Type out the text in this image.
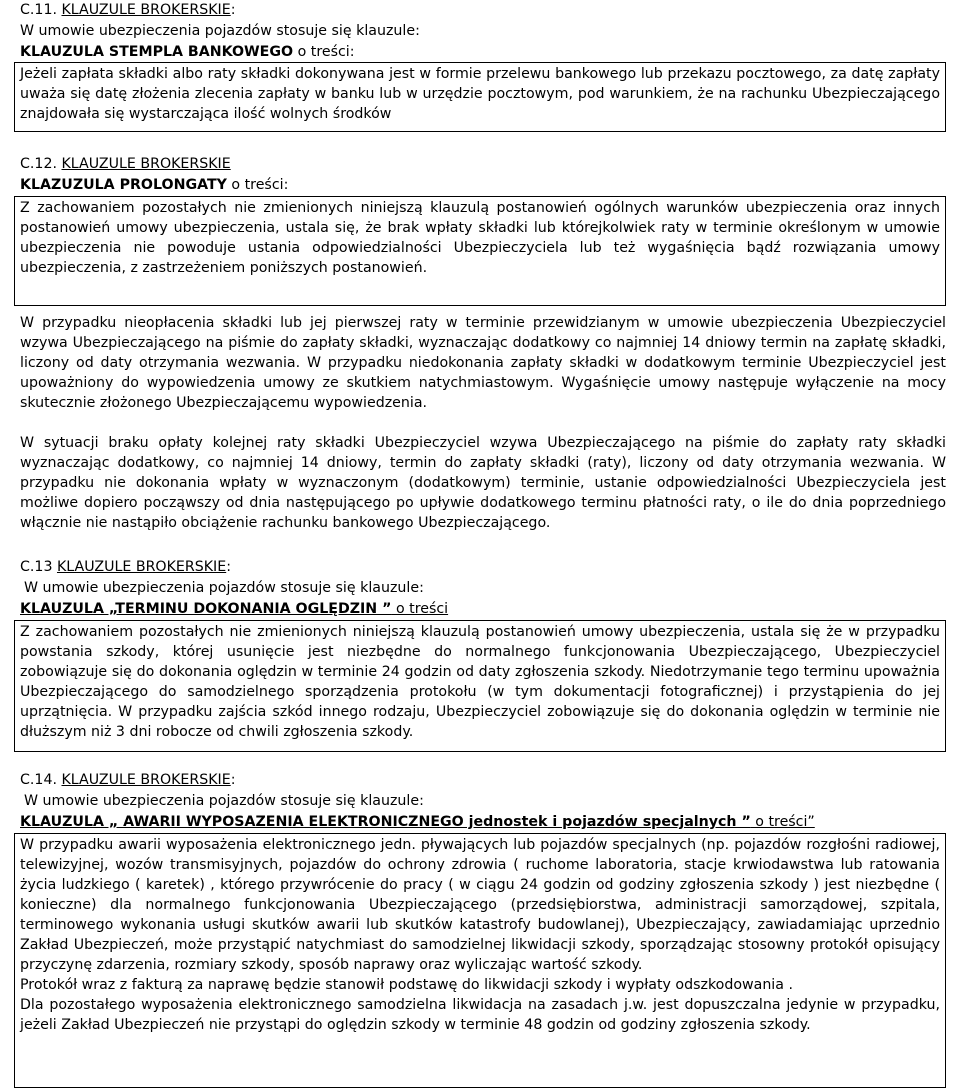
C.11. KLAUZULE BROKERSKIE:
W umowie ubezpieczenia pojazdów stosuje się klauzule:
KLAUZULA STEMPLA BANKOWEGO o treści:

Jeżeli zapłata składki albo raty składki dokonywana jest w formie przelewu bankowego lub przekazu pocztowego, za datę zapłaty uważa się datę złożenia zlecenia zapłaty w banku lub w urzędzie pocztowym, pod warunkiem, że na rachunku Ubezpieczającego znajdowała się wystarczająca ilość wolnych środków

C.12. KLAUZULE BROKERSKIE
KLAZUZULA PROLONGATY o treści:

Z zachowaniem pozostałych nie zmienionych niniejszą klauzulą postanowień ogólnych warunków ubezpieczenia oraz innych postanowień umowy ubezpieczenia, ustala się, że brak wpłaty składki lub którejkolwiek raty w terminie określonym w umowie ubezpieczenia nie powoduje ustania odpowiedzialności Ubezpieczyciela lub też wygaśnięcia bądź rozwiązania umowy ubezpieczenia, z zastrzeżeniem poniższych postanowień.

W przypadku nieopłacenia składki lub jej pierwszej raty w terminie przewidzianym w umowie ubezpieczenia Ubezpieczyciel wzywa Ubezpieczającego na piśmie do zapłaty składki, wyznaczając dodatkowy co najmniej 14 dniowy termin na zapłatę składki, liczony od daty otrzymania wezwania. W przypadku niedokonania zapłaty składki w dodatkowym terminie Ubezpieczyciel jest upoważniony do wypowiedzenia umowy ze skutkiem natychmiastowym. Wygaśnięcie umowy następuje wyłączenie na mocy skutecznie złożonego Ubezpieczającemu wypowiedzenia.

W sytuacji braku opłaty kolejnej raty składki Ubezpieczyciel wzywa Ubezpieczającego na piśmie do zapłaty raty składki wyznaczając dodatkowy, co najmniej 14 dniowy, termin do zapłaty składki (raty), liczony od daty otrzymania wezwania. W przypadku nie dokonania wpłaty w wyznaczonym (dodatkowym) terminie, ustanie odpowiedzialności Ubezpieczyciela jest możliwe dopiero począwszy od dnia następującego po upływie dodatkowego terminu płatności raty, o ile do dnia poprzedniego włącznie nie nastąpiło obciążenie rachunku bankowego Ubezpieczającego.

C.13 KLAUZULE BROKERSKIE:
W umowie ubezpieczenia pojazdów stosuje się klauzule:
KLAUZULA „TERMINU DOKONANIA OGLĘDZIN ” o treści

Z zachowaniem pozostałych nie zmienionych niniejszą klauzulą postanowień umowy ubezpieczenia, ustala się że w przypadku powstania szkody, której usunięcie jest niezbędne do normalnego funkcjonowania Ubezpieczającego, Ubezpieczyciel zobowiązuje się do dokonania oględzin w terminie 24 godzin od daty zgłoszenia szkody. Niedotrzymanie tego terminu upoważnia Ubezpieczającego do samodzielnego sporządzenia protokołu (w tym dokumentacji fotograficznej) i przystąpienia do jej uprzątnięcia. W przypadku zajścia szkód innego rodzaju, Ubezpieczyciel zobowiązuje się do dokonania oględzin w terminie nie dłuższym niż 3 dni robocze od chwili zgłoszenia szkody.

C.14. KLAUZULE BROKERSKIE:
W umowie ubezpieczenia pojazdów stosuje się klauzule:
KLAUZULA „ AWARII WYPOSAZENIA ELEKTRONICZNEGO jednostek i pojazdów specjalnych ” o treści”

W przypadku awarii wyposażenia elektronicznego jedn. pływających lub pojazdów specjalnych (np. pojazdów rozgłośni radiowej, telewizyjnej, wozów transmisyjnych, pojazdów do ochrony zdrowia ( ruchome laboratoria, stacje krwiodawstwa lub ratowania życia ludzkiego ( karetek) , którego przywrócenie do pracy ( w ciągu 24 godzin od godziny zgłoszenia szkody ) jest niezbędne ( konieczne) dla normalnego funkcjonowania Ubezpieczającego (przedsiębiorstwa, administracji samorządowej, szpitala, terminowego wykonania usługi skutków awarii lub skutków katastrofy budowlanej), Ubezpieczający, zawiadamiając uprzednio Zakład Ubezpieczeń, może przystąpić natychmiast do samodzielnej likwidacji szkody, sporządzając stosowny protokół opisujący przyczynę zdarzenia, rozmiary szkody, sposób naprawy oraz wyliczając wartość szkody.

Protokół wraz z fakturą za naprawę będzie stanowił podstawę do likwidacji szkody i wypłaty odszkodowania .

Dla pozostałego wyposażenia elektronicznego samodzielna likwidacja na zasadach j.w. jest dopuszczalna jedynie w przypadku, jeżeli Zakład Ubezpieczeń nie przystąpi do oględzin szkody w terminie 48 godzin od godziny zgłoszenia szkody.
